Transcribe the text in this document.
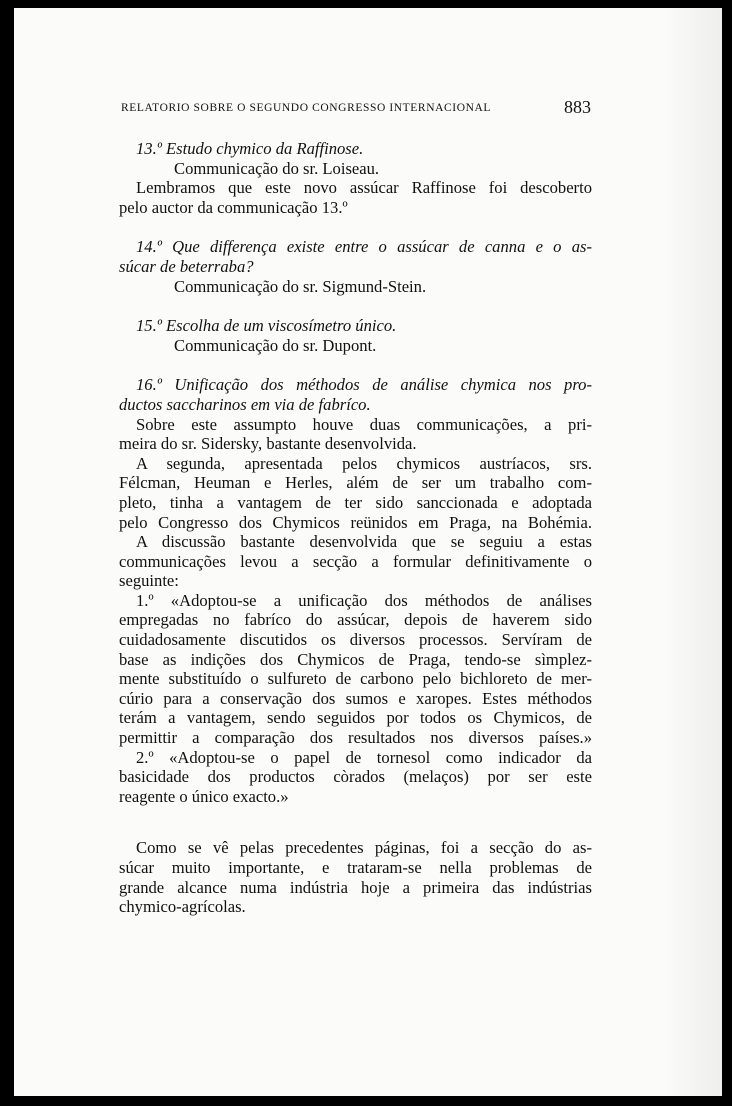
RELATORIO SOBRE O SEGUNDO CONGRESSO INTERNACIONAL	883

13.º Estudo chymico da Raffinose.

Communicação do sr. Loiseau.

Lembramos que este novo assúcar Raffinose foi descoberto

pelo auctor da communicação 13.º

14.º Que differença existe entre o assúcar de canna e o as-

súcar de beterraba?

Communicação do sr. Sigmund-Stein.

15.º Escolha de um viscosímetro único.

Communicação do sr. Dupont.

16.º Unificação dos méthodos de análise chymica nos pro-

ductos saccharinos em via de fabríco.

Sobre este assumpto houve duas communicações, a pri-

meira do sr. Sidersky, bastante desenvolvida.

A segunda, apresentada pelos chymicos austríacos, srs.

Félcman, Heuman e Herles, além de ser um trabalho com-

pleto, tinha a vantagem de ter sido sanccionada e adoptada

pelo Congresso dos Chymicos reünidos em Praga, na Bohémia.

A discussão bastante desenvolvida que se seguiu a estas

communicações levou a secção a formular definitivamente o

seguinte:

1.º «Adoptou-se a unificação dos méthodos de análises

empregadas no fabríco do assúcar, depois de haverem sido

cuidadosamente discutidos os diversos processos. Servíram de

base as indições dos Chymicos de Praga, tendo-se sìmplez-

mente substituído o sulfureto de carbono pelo bichloreto de mer-

cúrio para a conservação dos sumos e xaropes. Estes méthodos

terám a vantagem, sendo seguidos por todos os Chymicos, de

permittir a comparação dos resultados nos diversos países.»

2.º «Adoptou-se o papel de tornesol como indicador da

basicidade dos productos còrados (melaços) por ser este

reagente o único exacto.»

Como se vê pelas precedentes páginas, foi a secção do as-

súcar muito importante, e trataram-se nella problemas de

grande alcance numa indústria hoje a primeira das indústrias

chymico-agrícolas.
